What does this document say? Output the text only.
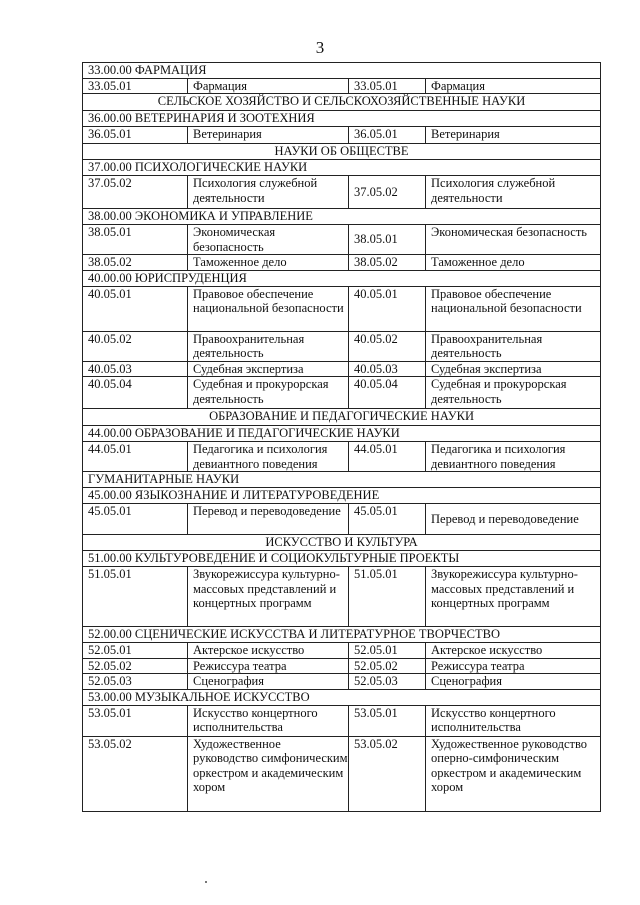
3
33.00.00 ФАРМАЦИЯ			
33.05.01	Фармация	33.05.01	Фармация
СЕЛЬСКОЕ ХОЗЯЙСТВО И СЕЛЬСКОХОЗЯЙСТВЕННЫЕ НАУКИ			
36.00.00 ВЕТЕРИНАРИЯ И ЗООТЕХНИЯ			
36.05.01	Ветеринария	36.05.01	Ветеринария
НАУКИ ОБ ОБЩЕСТВЕ			
37.00.00 ПСИХОЛОГИЧЕСКИЕ НАУКИ			
37.05.02	Психология служебной деятельности	37.05.02	Психология служебной деятельности
38.00.00 ЭКОНОМИКА И УПРАВЛЕНИЕ			
38.05.01	Экономическая безопасность	38.05.01	Экономическая безопасность
38.05.02	Таможенное дело	38.05.02	Таможенное дело
40.00.00 ЮРИСПРУДЕНЦИЯ			
40.05.01	Правовое обеспечение национальной безопасности	40.05.01	Правовое обеспечение национальной безопасности
40.05.02	Правоохранительная деятельность	40.05.02	Правоохранительная деятельность
40.05.03	Судебная экспертиза	40.05.03	Судебная экспертиза
40.05.04	Судебная и прокурорская деятельность	40.05.04	Судебная и прокурорская деятельность
ОБРАЗОВАНИЕ И ПЕДАГОГИЧЕСКИЕ НАУКИ			
44.00.00 ОБРАЗОВАНИЕ И ПЕДАГОГИЧЕСКИЕ НАУКИ			
44.05.01	Педагогика и психология девиантного поведения	44.05.01	Педагогика и психология девиантного поведения
ГУМАНИТАРНЫЕ НАУКИ			
45.00.00 ЯЗЫКОЗНАНИЕ И ЛИТЕРАТУРОВЕДЕНИЕ			
45.05.01	Перевод и переводоведение	45.05.01	Перевод и переводоведение
ИСКУССТВО И КУЛЬТУРА			
51.00.00 КУЛЬТУРОВЕДЕНИЕ И СОЦИОКУЛЬТУРНЫЕ ПРОЕКТЫ			
51.05.01	Звукорежиссура культурно-массовых представлений и концертных программ	51.05.01	Звукорежиссура культурно-массовых представлений и концертных программ
52.00.00 СЦЕНИЧЕСКИЕ ИСКУССТВА И ЛИТЕРАТУРНОЕ ТВОРЧЕСТВО			
52.05.01	Актерское искусство	52.05.01	Актерское искусство
52.05.02	Режиссура театра	52.05.02	Режиссура театра
52.05.03	Сценография	52.05.03	Сценография
53.00.00 МУЗЫКАЛЬНОЕ ИСКУССТВО			
53.05.01	Искусство концертного исполнительства	53.05.01	Искусство концертного исполнительства
53.05.02	Художественное руководство симфоническим оркестром и академическим хором	53.05.02	Художественное руководство оперно-симфоническим оркестром и академическим хором
